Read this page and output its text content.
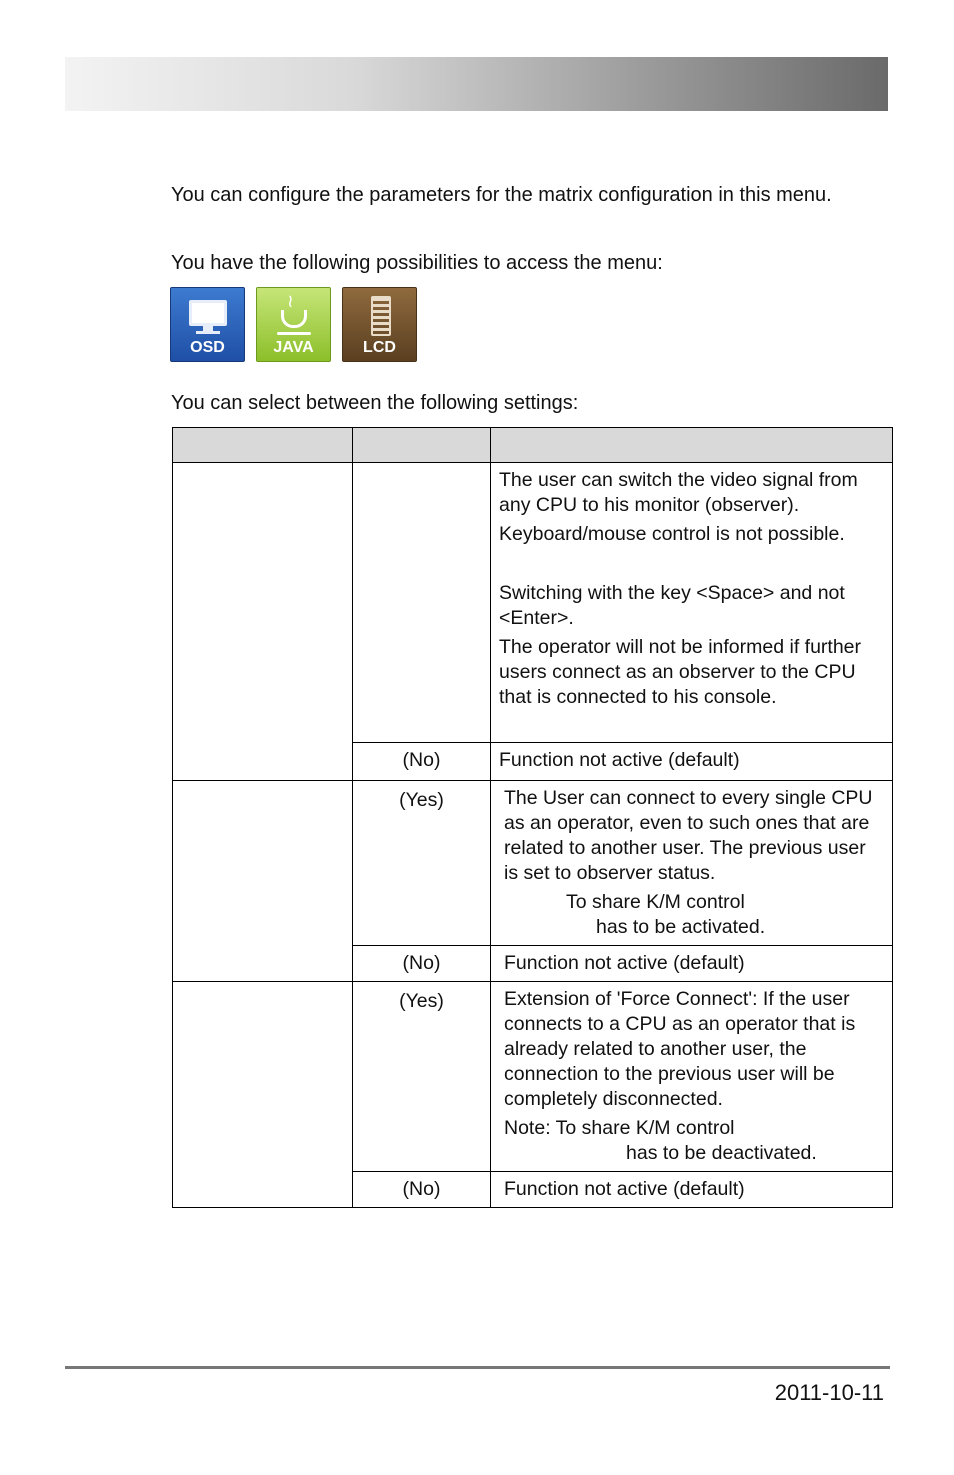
You can configure the parameters for the matrix configuration in this menu.

You have the following possibilities to access the menu:

OSD
≀
JAVA	LCD

You can select between the following settings:

		The user can switch the video signal from any CPU to his monitor (observer).

Keyboard/mouse control is not possible.

Switching with the key <Space> and not <Enter>.

The operator will not be informed if further users connect as an observer to the CPU that is connected to his console.

	(No)	Function not active (default)
	(Yes)	The User can connect to every single CPU as an operator, even to such ones that are related to another user. The previous user is set to observer status.

To share K/M control

has to be activated.

	(No)	Function not active (default)
	(Yes)	Extension of 'Force Connect': If the user connects to a CPU as an operator that is already related to another user, the connection to the previous user will be completely disconnected.

Note: To share K/M control

has to be deactivated.

	(No)	Function not active (default)
2011-10-11
